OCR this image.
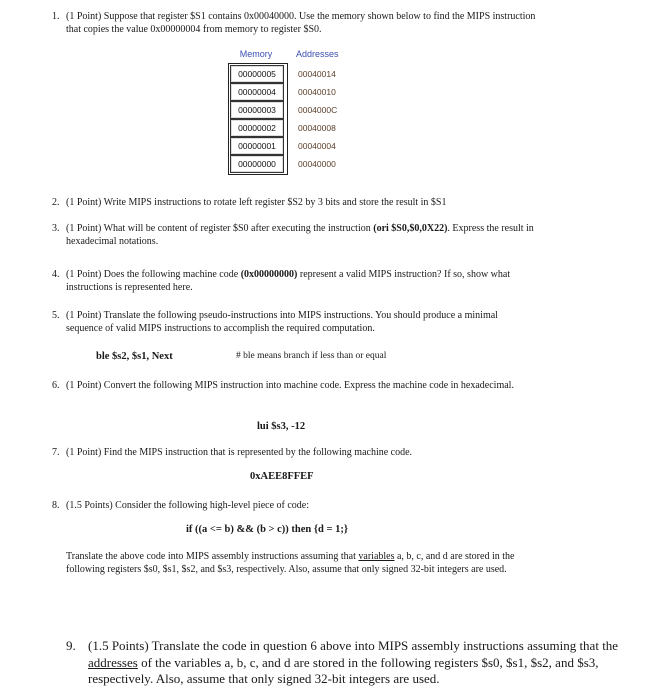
1. (1 Point) Suppose that register $S1 contains 0x00040000. Use the memory shown below to find the MIPS instruction that copies the value 0x00000004 from memory to register $S0.
Memory	Addresses
00000005
00000004
00000003
00000002
00000001
00000000
00040014
00040010
0004000C
00040008
00040004
00040000
2. (1 Point) Write MIPS instructions to rotate left register $S2 by 3 bits and store the result in $S1
3. (1 Point) What will be content of register $S0 after executing the instruction (ori $S0,$0,0X22). Express the result in hexadecimal notations.
4. (1 Point) Does the following machine code (0x00000000) represent a valid MIPS instruction? If so, show what instructions is represented here.
5. (1 Point) Translate the following pseudo-instructions into MIPS instructions. You should produce a minimal sequence of valid MIPS instructions to accomplish the required computation.
ble $s2, $s1, Next	# ble means branch if less than or equal
6. (1 Point) Convert the following MIPS instruction into machine code. Express the machine code in hexadecimal.
lui $s3, -12
7. (1 Point) Find the MIPS instruction that is represented by the following machine code.
0xAEE8FFEF
8. (1.5 Points) Consider the following high-level piece of code:
if ((a <= b) && (b > c)) then {d = 1;}
Translate the above code into MIPS assembly instructions assuming that variables a, b, c, and d are stored in the following registers $s0, $s1, $s2, and $s3, respectively. Also, assume that only signed 32-bit integers are used.
9. (1.5 Points) Translate the code in question 6 above into MIPS assembly instructions assuming that the addresses of the variables a, b, c, and d are stored in the following registers $s0, $s1, $s2, and $s3, respectively. Also, assume that only signed 32-bit integers are used.
